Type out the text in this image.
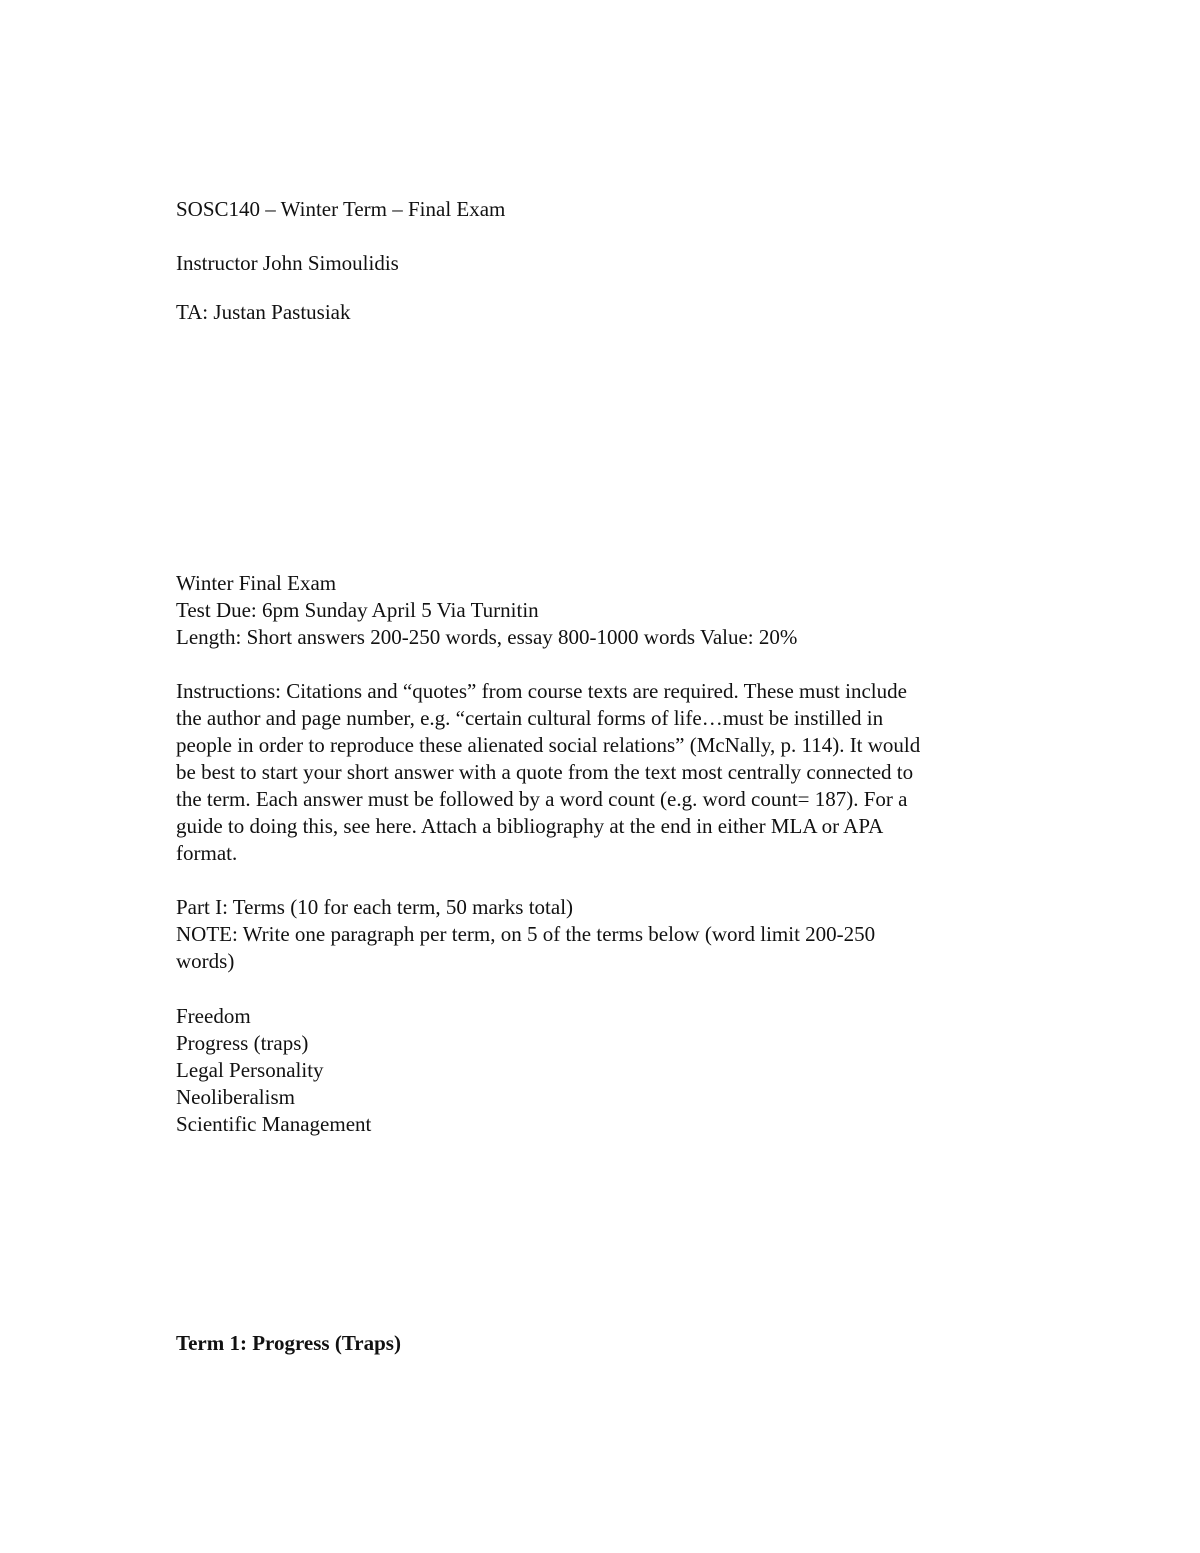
SOSC140 – Winter Term – Final Exam
Instructor John Simoulidis
TA: Justan Pastusiak
Winter Final Exam
Test Due: 6pm Sunday April 5 Via Turnitin
Length: Short answers 200-250 words, essay 800-1000 words Value: 20%
Instructions: Citations and “quotes” from course texts are required. These must include
the author and page number, e.g. “certain cultural forms of life…must be instilled in
people in order to reproduce these alienated social relations” (McNally, p. 114). It would
be best to start your short answer with a quote from the text most centrally connected to
the term. Each answer must be followed by a word count (e.g. word count= 187). For a
guide to doing this, see here. Attach a bibliography at the end in either MLA or APA
format.
Part I: Terms (10 for each term, 50 marks total)
NOTE: Write one paragraph per term, on 5 of the terms below (word limit 200-250
words)
Freedom
Progress (traps)
Legal Personality
Neoliberalism
Scientific Management
Term 1: Progress (Traps)
